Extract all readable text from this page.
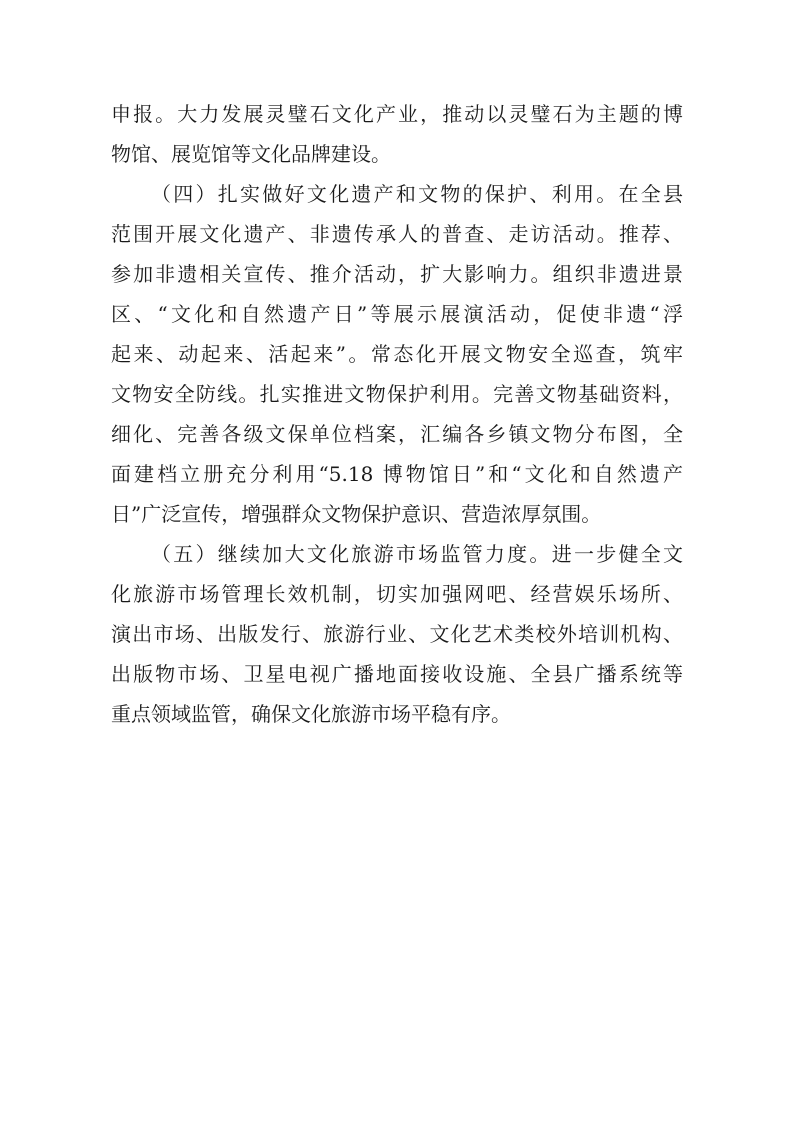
申报。大力发展灵璧石文化产业，推动以灵璧石为主题的博
物馆、展览馆等文化品牌建设。
（四）扎实做好文化遗产和文物的保护、利用。在全县
范围开展文化遗产、非遗传承人的普查、走访活动。推荐、
参加非遗相关宣传、推介活动，扩大影响力。组织非遗进景
区、“文化和自然遗产日”等展示展演活动，促使非遗“浮
起来、动起来、活起来”。常态化开展文物安全巡查，筑牢
文物安全防线。扎实推进文物保护利用。完善文物基础资料，
细化、完善各级文保单位档案，汇编各乡镇文物分布图，全
面建档立册充分利用“5.18 博物馆日”和“文化和自然遗产
日”广泛宣传，增强群众文物保护意识、营造浓厚氛围。
（五）继续加大文化旅游市场监管力度。进一步健全文
化旅游市场管理长效机制，切实加强网吧、经营娱乐场所、
演出市场、出版发行、旅游行业、文化艺术类校外培训机构、
出版物市场、卫星电视广播地面接收设施、全县广播系统等
重点领域监管，确保文化旅游市场平稳有序。
